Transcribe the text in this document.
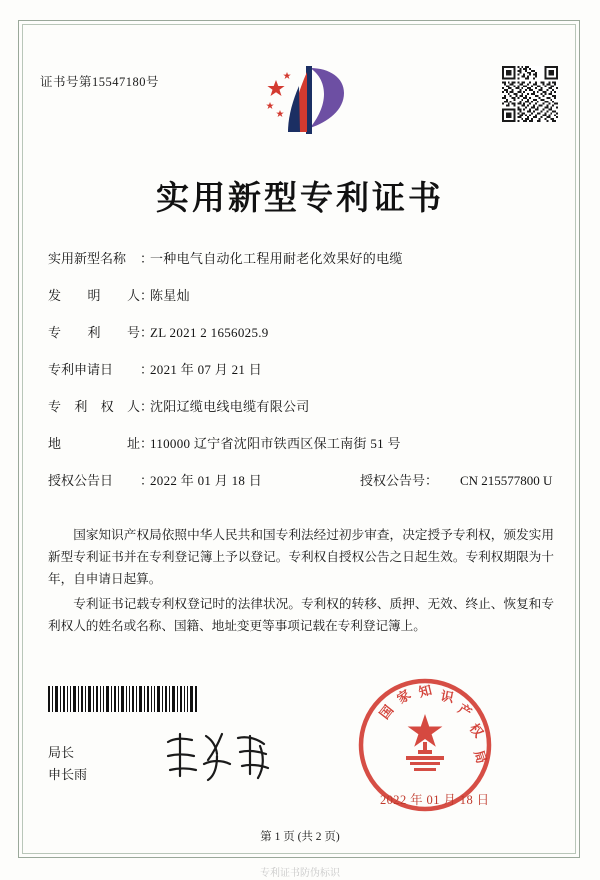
证书号第15547180号
实用新型专利证书
实用新型名称	：
一种电气自动化工程用耐老化效果好的电缆
发 明 人 ：
陈星灿
专 利 号 ：
ZL 2021 2 1656025.9
专利申请日	：
2021 年 07 月 21 日
专 利 权 人 ：
沈阳辽缆电线电缆有限公司
地	址 ：
110000 辽宁省沈阳市铁西区保工南街 51 号
授权公告日	：
2022 年 01 月 18 日	授权公告号：	CN 215577800 U

国家知识产权局依照中华人民共和国专利法经过初步审查，决定授予专利权，颁发实用新型专利证书并在专利登记簿上予以登记。专利权自授权公告之日起生效。专利权期限为十年，自申请日起算。

专利证书记载专利权登记时的法律状况。专利权的转移、质押、无效、终止、恢复和专利权人的姓名或名称、国籍、地址变更等事项记载在专利登记簿上。

局长
申长雨
国
家 知 识
产
权
局
2022 年 01 月 18 日
第 1 页 (共 2 页)
专利证书防伪标识
